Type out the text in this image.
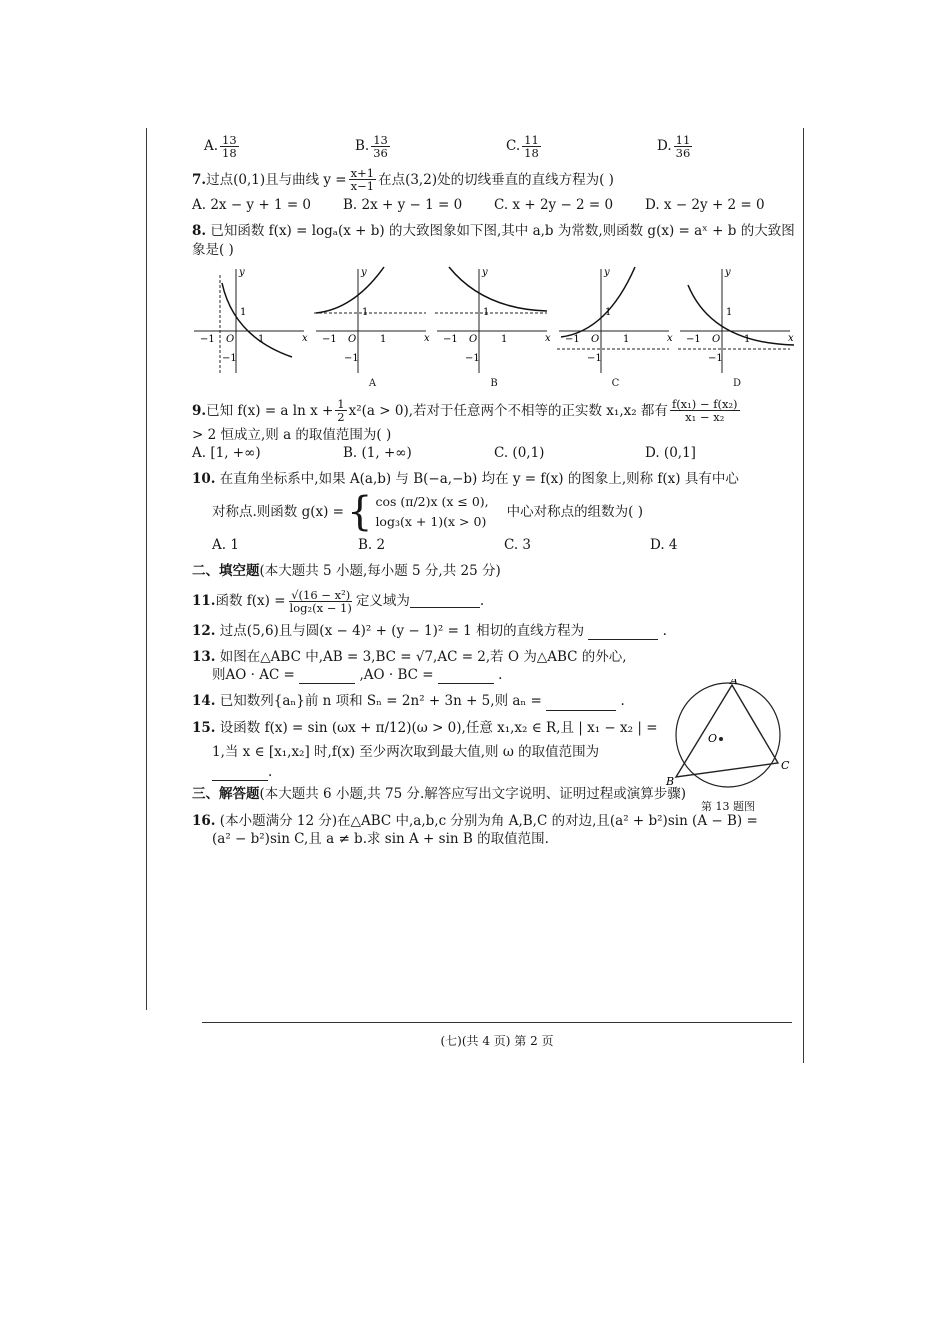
A. $\frac{13}{18}$	B. $\frac{13}{36}$	C. $\frac{11}{18}$	D. $\frac{11}{36}$
7. 过点(0,1)且与曲线 $y = \frac{x+1}{x-1}$ 在点(3,2)处的切线垂直的直线方程为( )
A. 2x − y + 1 = 0	B. 2x + y − 1 = 0	C. x + 2y − 2 = 0	D. x − 2y + 2 = 0
8. 已知函数 f(x) = logₐ(x + b) 的大致图象如下图,其中 a,b 为常数,则函数 g(x) = aˣ + b 的大致图象是( )
y
x
O 1
−1
1
−1
y
x
O 1
−1
1
−1
A
y
x
O 1
−1
1
−1
B
y
x
O 1
−1
1
−1
C
y
x
O 1
−1
1
−1
D
9. 已知 f(x) = a $\ln x + \frac{1}{2} x^2(a > 0)$,若对于任意两个不相等的正实数 x₁,x₂ 都有 $\frac{\text{f(x₁) − f(x₂)}}{\text{x₁ − x₂}}$
> 2 恒成立,则 a 的取值范围为( )
A. [1, +∞)	B. (1, +∞)	C. (0,1)	D. (0,1]
10. 在直角坐标系中,如果 A(a,b) 与 B(−a,−b) 均在 y = f(x) 的图象上,则称 f(x) 具有中心
对称点.则函数 g(x) = { cos (π/2)x (x ≤ 0),
log₃(x + 1)(x > 0)
中心对称点的组数为( )
A. 1	B. 2	C. 3	D. 4
二、填空题(本大题共 5 小题,每小题 5 分,共 25 分)
11. 函数 $f(x) = \frac{\text{√(16 − x²)}}{\text{log₂(x − 1)}}$ 定义域为	.
12. 过点(5,6)且与圆(x − 4)² + (y − 1)² = 1 相切的直线方程为	.
13. 如图在△ABC 中,AB = 3,BC = √7,AC = 2,若 O 为△ABC 的外心,
则AO · AC =	,AO · BC =	.
14. 已知数列{aₙ}前 n 项和 Sₙ = 2n² + 3n + 5,则 aₙ =	.
15. 设函数 f(x) = sin (ωx + π/12)(ω > 0),任意 x₁,x₂ ∈ R,且 | x₁ − x₂ | =
1,当 x ∈ [x₁,x₂] 时,f(x) 至少两次取到最大值,则 ω 的取值范围为
.
三、解答题(本大题共 6 小题,共 75 分.解答应写出文字说明、证明过程或演算步骤)
16. (本小题满分 12 分)在△ABC 中,a,b,c 分别为角 A,B,C 的对边,且(a² + b²)sin (A − B) =
(a² − b²)sin C,且 a ≠ b.求 sin A + sin B 的取值范围.
A
B
C
O
第 13 题图
(七)(共 4 页) 第 2 页
